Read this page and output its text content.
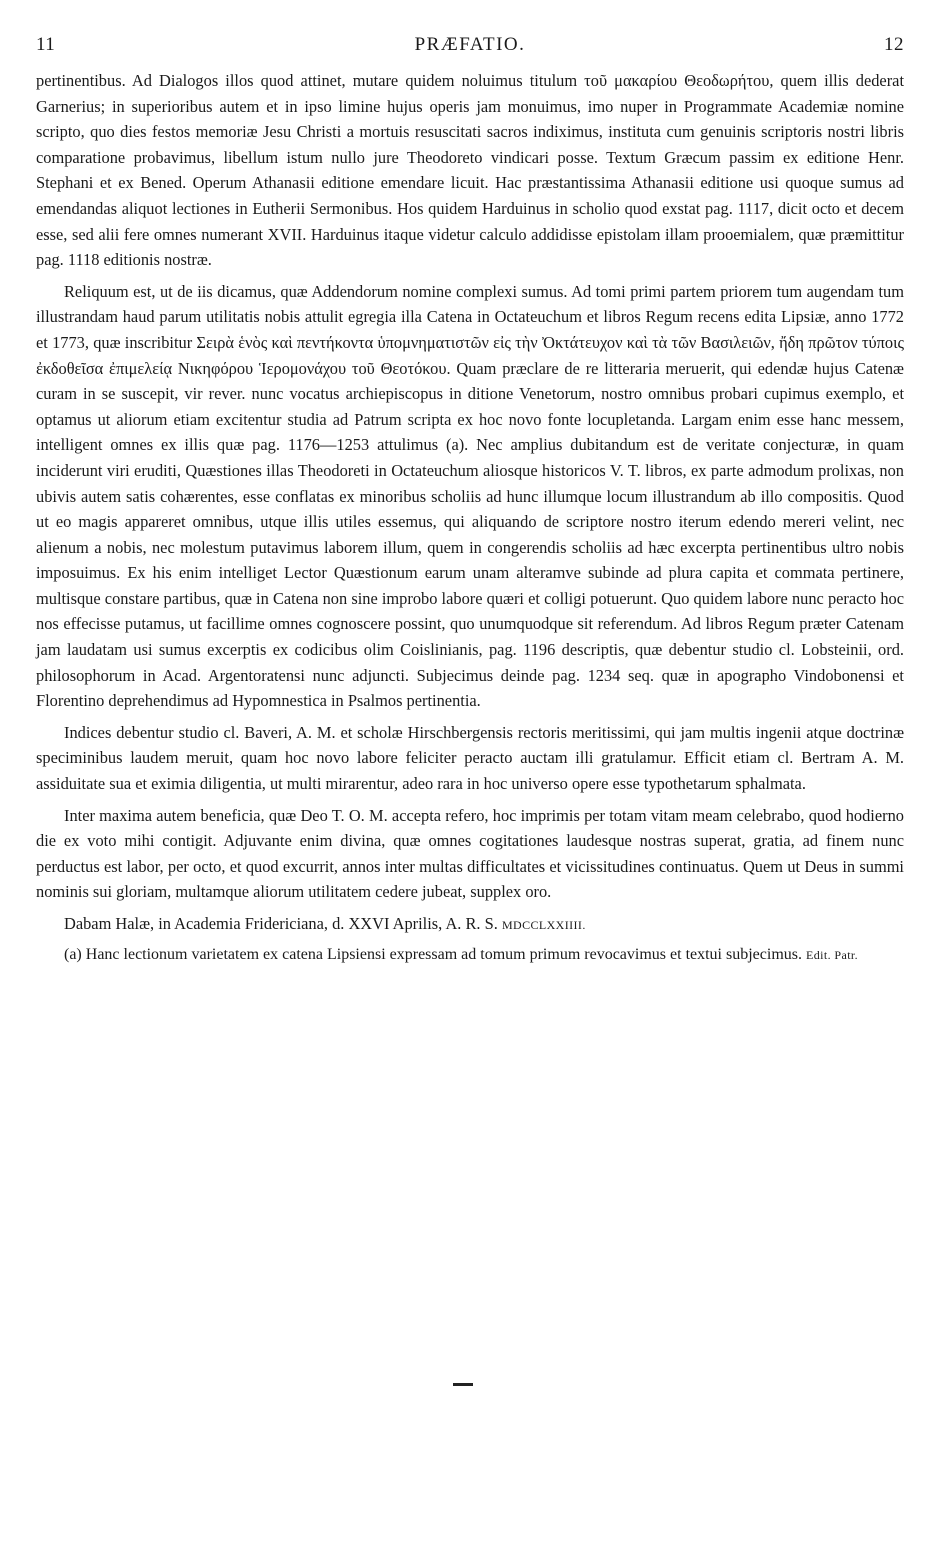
11	PRÆFATIO.	12

pertinentibus. Ad Dialogos illos quod attinet, mutare quidem noluimus titulum τοῦ μακαρίου Θεοδωρήτου, quem illis dederat Garnerius; in superioribus autem et in ipso limine hujus operis jam monuimus, imo nuper in Programmate Academiæ nomine scripto, quo dies festos memoriæ Jesu Christi a mortuis resuscitati sacros indiximus, instituta cum genuinis scriptoris nostri libris comparatione probavimus, libellum istum nullo jure Theodoreto vindicari posse. Textum Græcum passim ex editione Henr. Stephani et ex Bened. Operum Athanasii editione emendare licuit. Hac præstantissima Athanasii editione usi quoque sumus ad emendandas aliquot lectiones in Eutherii Sermonibus. Hos quidem Harduinus in scholio quod exstat pag. 1117, dicit octo et decem esse, sed alii fere omnes numerant XVII. Harduinus itaque videtur calculo addidisse epistolam illam prooemialem, quæ præmittitur pag. 1118 editionis nostræ.

Reliquum est, ut de iis dicamus, quæ Addendorum nomine complexi sumus. Ad tomi primi partem priorem tum augendam tum illustrandam haud parum utilitatis nobis attulit egregia illa Catena in Octateuchum et libros Regum recens edita Lipsiæ, anno 1772 et 1773, quæ inscribitur Σειρὰ ἑνὸς καὶ πεντήκοντα ὑπομνηματιστῶν εἰς τὴν Ὀκτάτευχον καὶ τὰ τῶν Βασιλειῶν, ἤδη πρῶτον τύποις ἐκδοθεῖσα ἐπιμελείᾳ Νικηφόρου Ἱερομονάχου τοῦ Θεοτόκου. Quam præclare de re litteraria meruerit, qui edendæ hujus Catenæ curam in se suscepit, vir rever. nunc vocatus archiepiscopus in ditione Venetorum, nostro omnibus probari cupimus exemplo, et optamus ut aliorum etiam excitentur studia ad Patrum scripta ex hoc novo fonte locupletanda. Largam enim esse hanc messem, intelligent omnes ex illis quæ pag. 1176—1253 attulimus (a). Nec amplius dubitandum est de veritate conjecturæ, in quam inciderunt viri eruditi, Quæstiones illas Theodoreti in Octateuchum aliosque historicos V. T. libros, ex parte admodum prolixas, non ubivis autem satis cohærentes, esse conflatas ex minoribus scholiis ad hunc illumque locum illustrandum ab illo compositis. Quod ut eo magis appareret omnibus, utque illis utiles essemus, qui aliquando de scriptore nostro iterum edendo mereri velint, nec alienum a nobis, nec molestum putavimus laborem illum, quem in congerendis scholiis ad hæc excerpta pertinentibus ultro nobis imposuimus. Ex his enim intelliget Lector Quæstionum earum unam alteramve subinde ad plura capita et commata pertinere, multisque constare partibus, quæ in Catena non sine improbo labore quæri et colligi potuerunt. Quo quidem labore nunc peracto hoc nos effecisse putamus, ut facillime omnes cognoscere possint, quo unumquodque sit referendum. Ad libros Regum præter Catenam jam laudatam usi sumus excerptis ex codicibus olim Coislinianis, pag. 1196 descriptis, quæ debentur studio cl. Lobsteinii, ord. philosophorum in Acad. Argentoratensi nunc adjuncti. Subjecimus deinde pag. 1234 seq. quæ in apographo Vindobonensi et Florentino deprehendimus ad Hypomnestica in Psalmos pertinentia.

Indices debentur studio cl. Baveri, A. M. et scholæ Hirschbergensis rectoris meritissimi, qui jam multis ingenii atque doctrinæ speciminibus laudem meruit, quam hoc novo labore feliciter peracto auctam illi gratulamur. Efficit etiam cl. Bertram A. M. assiduitate sua et eximia diligentia, ut multi mirarentur, adeo rara in hoc universo opere esse typothetarum sphalmata.

Inter maxima autem beneficia, quæ Deo T. O. M. accepta refero, hoc imprimis per totam vitam meam celebrabo, quod hodierno die ex voto mihi contigit. Adjuvante enim divina, quæ omnes cogitationes laudesque nostras superat, gratia, ad finem nunc perductus est labor, per octo, et quod excurrit, annos inter multas difficultates et vicissitudines continuatus. Quem ut Deus in summi nominis sui gloriam, multamque aliorum utilitatem cedere jubeat, supplex oro.

Dabam Halæ, in Academia Fridericiana, d. XXVI Aprilis, A. R. S. MDCCLXXIIII.

(a) Hanc lectionum varietatem ex catena Lipsiensi expressam ad tomum primum revocavimus et textui subjecimus. Edit. Patr.
